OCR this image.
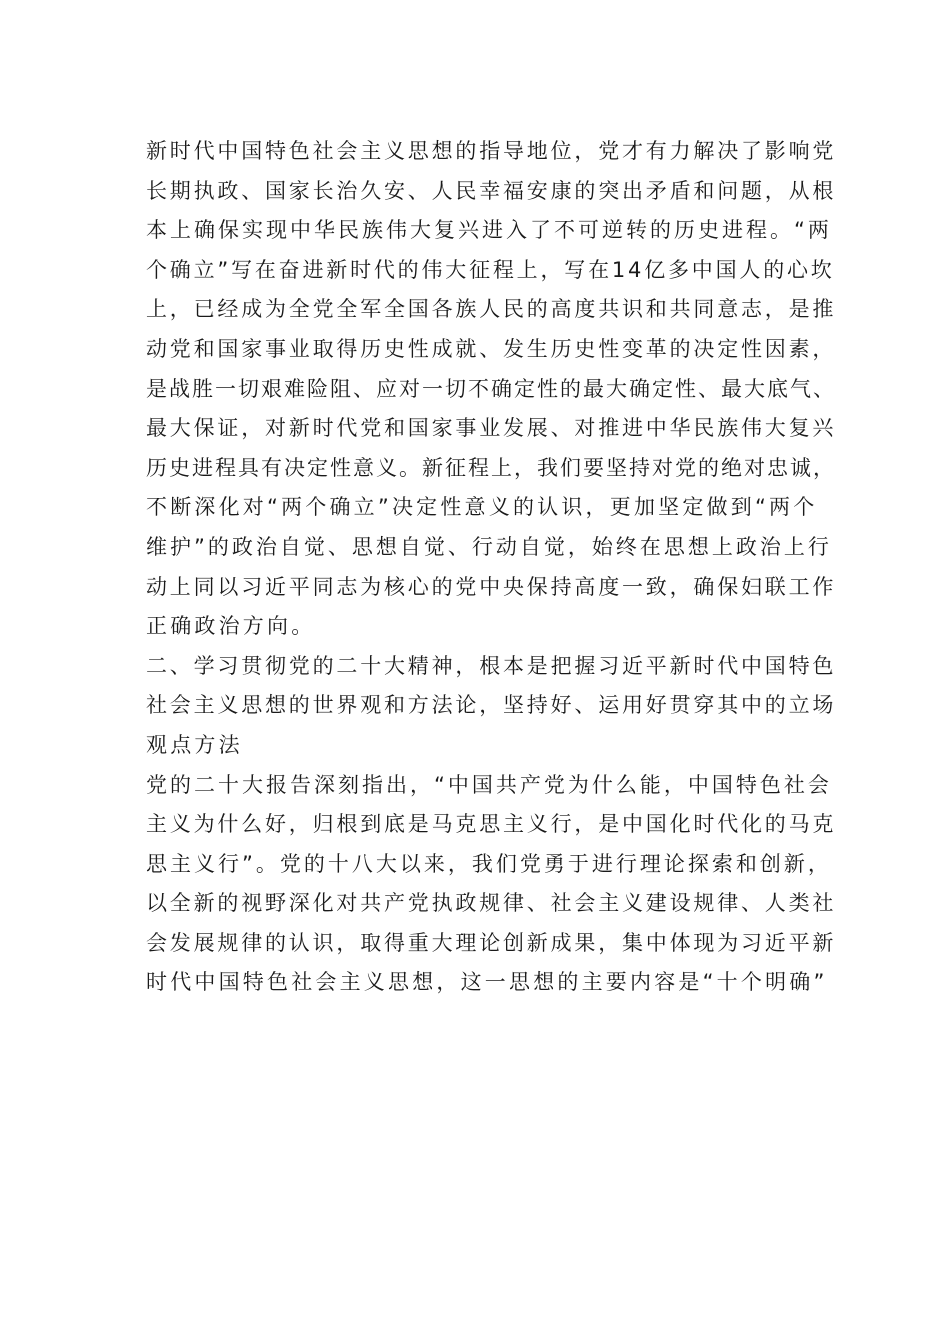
新时代中国特色社会主义思想的指导地位，党才有力解决了影响党
长期执政、国家长治久安、人民幸福安康的突出矛盾和问题，从根
本上确保实现中华民族伟大复兴进入了不可逆转的历史进程。“两
个确立”写在奋进新时代的伟大征程上，写在14亿多中国人的心坎
上，已经成为全党全军全国各族人民的高度共识和共同意志，是推
动党和国家事业取得历史性成就、发生历史性变革的决定性因素，
是战胜一切艰难险阻、应对一切不确定性的最大确定性、最大底气、
最大保证，对新时代党和国家事业发展、对推进中华民族伟大复兴
历史进程具有决定性意义。新征程上，我们要坚持对党的绝对忠诚，
不断深化对“两个确立”决定性意义的认识，更加坚定做到“两个
维护”的政治自觉、思想自觉、行动自觉，始终在思想上政治上行
动上同以习近平同志为核心的党中央保持高度一致，确保妇联工作
正确政治方向。
二、学习贯彻党的二十大精神，根本是把握习近平新时代中国特色
社会主义思想的世界观和方法论，坚持好、运用好贯穿其中的立场
观点方法
党的二十大报告深刻指出，“中国共产党为什么能，中国特色社会
主义为什么好，归根到底是马克思主义行，是中国化时代化的马克
思主义行”。党的十八大以来，我们党勇于进行理论探索和创新，
以全新的视野深化对共产党执政规律、社会主义建设规律、人类社
会发展规律的认识，取得重大理论创新成果，集中体现为习近平新
时代中国特色社会主义思想，这一思想的主要内容是“十个明确”
